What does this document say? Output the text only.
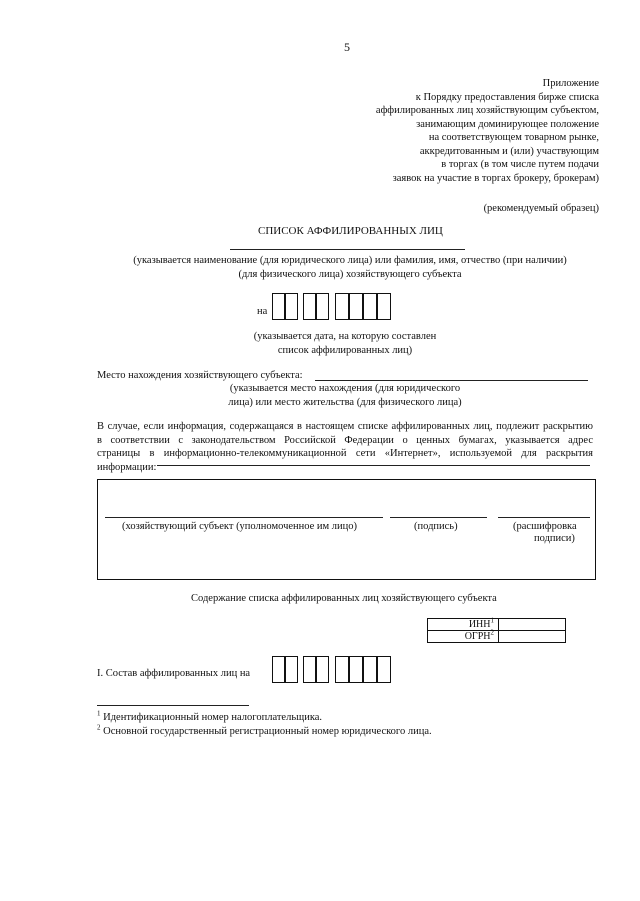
5
Приложение
к Порядку предоставления бирже списка
аффилированных лиц хозяйствующим субъектом,
занимающим доминирующее положение
на соответствующем товарном рынке,
аккредитованным и (или) участвующим
в торгах (в том числе путем подачи
заявок на участие в торгах брокеру, брокерам)
(рекомендуемый образец)
СПИСОК АФФИЛИРОВАННЫХ ЛИЦ
(указывается наименование (для юридического лица) или фамилия, имя, отчество (при наличии)
(для физического лица) хозяйствующего субъекта
на
(указывается дата, на которую составлен
список аффилированных лиц)
Место нахождения хозяйствующего субъекта:
(указывается место нахождения (для юридического
лица) или место жительства (для физического лица)
В случае, если информация, содержащаяся в настоящем списке аффилированных лиц, подлежит раскрытию
в соответствии с законодательством Российской Федерации о ценных бумагах, указывается адрес
страницы в информационно-телекоммуникационной сети «Интернет», используемой для раскрытия
информации:
(хозяйствующий субъект (уполномоченное им лицо)	(подпись)	(расшифровка
подписи)
Содержание списка аффилированных лиц хозяйствующего субъекта
ИНН$^1$	
ОГРН$^2$	
I. Состав аффилированных лиц на
$^1$ Идентификационный номер налогоплательщика.
$^2$ Основной государственный регистрационный номер юридического лица.
